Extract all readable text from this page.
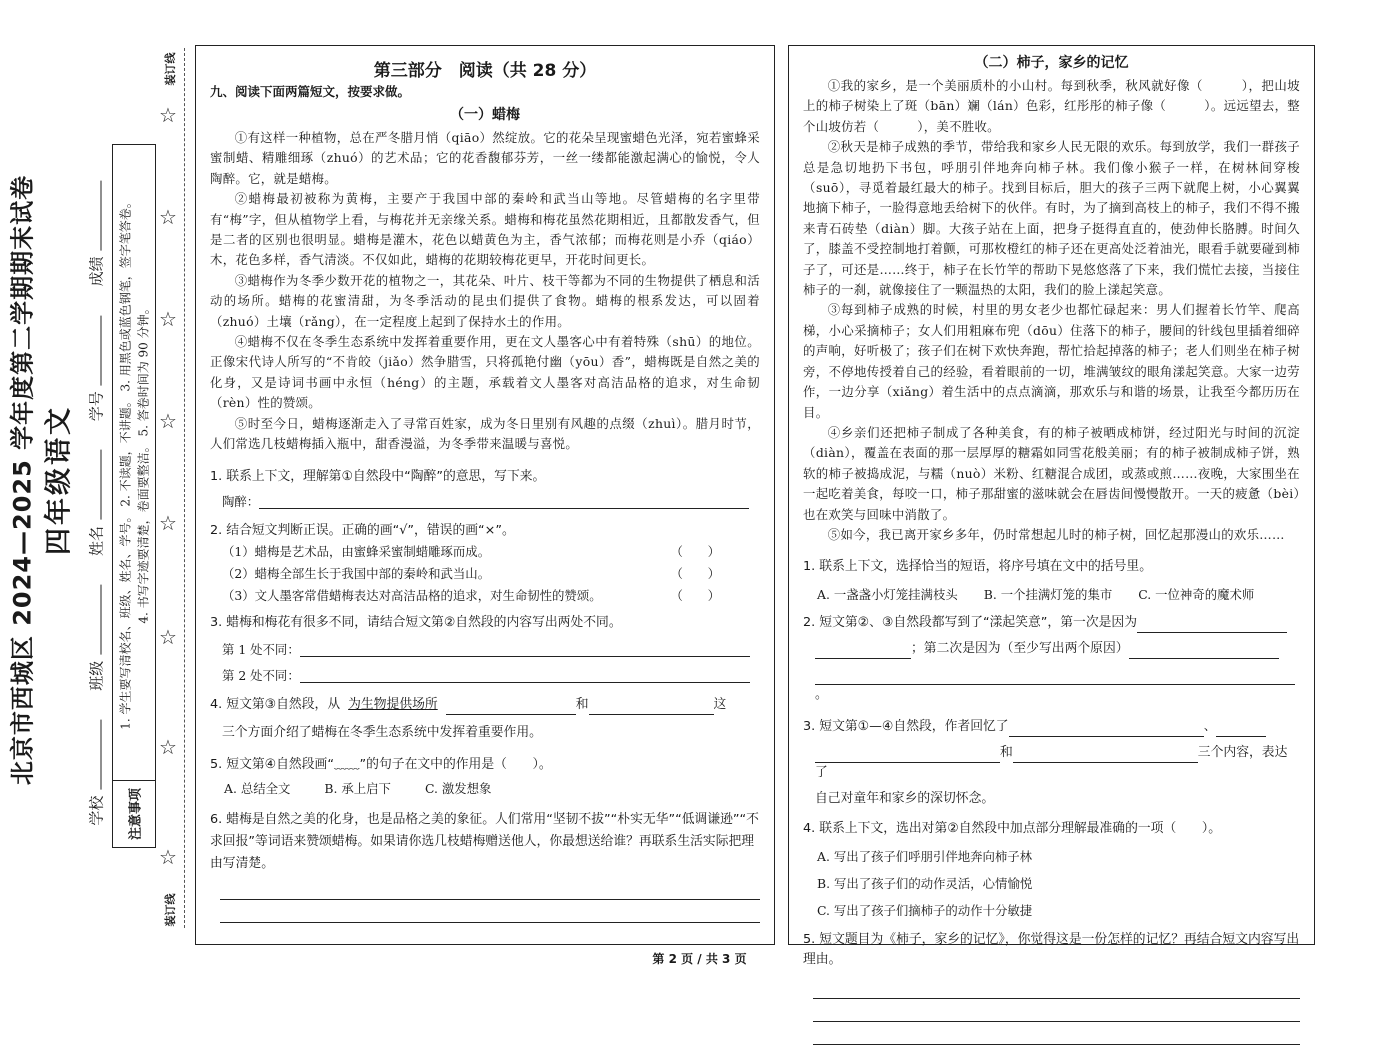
北京市西城区 2024—2025 学年度第二学期期末试卷 四年级语文
学校 班级 姓名 学号 成绩
注意事项
1. 学生要写清校名、班级、姓名、学号。 2. 不读题，不讲题。 3. 用黑色或蓝色钢笔，签字笔答卷。 4. 书写字迹要清楚，卷面要整洁。 5. 答卷时间为 90 分钟。
装订线
☆
☆
☆
☆
☆
☆
☆
☆
装订线
第三部分　阅读（共 28 分）
九、阅读下面两篇短文，按要求做。
（一）蜡梅

①有这样一种植物，总在严冬腊月悄（qiāo）然绽放。它的花朵呈现蜜蜡色光泽，宛若蜜蜂采蜜制蜡、精雕细琢（zhuó）的艺术品；它的花香馥郁芬芳，一丝一缕都能激起满心的愉悦，令人陶醉。它，就是蜡梅。

②蜡梅最初被称为黄梅，主要产于我国中部的秦岭和武当山等地。尽管蜡梅的名字里带有“梅”字，但从植物学上看，与梅花并无亲缘关系。蜡梅和梅花虽然花期相近，且都散发香气，但是二者的区别也很明显。蜡梅是灌木，花色以蜡黄色为主，香气浓郁；而梅花则是小乔（qiáo）木，花色多样，香气清淡。不仅如此，蜡梅的花期较梅花更早，开花时间更长。

③蜡梅作为冬季少数开花的植物之一，其花朵、叶片、枝干等都为不同的生物提供了栖息和活动的场所。蜡梅的花蜜清甜，为冬季活动的昆虫们提供了食物。蜡梅的根系发达，可以固着（zhuó）土壤（rǎng），在一定程度上起到了保持水土的作用。

④蜡梅不仅在冬季生态系统中发挥着重要作用，更在文人墨客心中有着特殊（shū）的地位。正像宋代诗人所写的“不肯皎（jiǎo）然争腊雪，只将孤艳付幽（yōu）香”，蜡梅既是自然之美的化身，又是诗词书画中永恒（héng）的主题，承载着文人墨客对高洁品格的追求，对生命韧（rèn）性的赞颂。

⑤时至今日，蜡梅逐渐走入了寻常百姓家，成为冬日里别有风趣的点缀（zhuì）。腊月时节，人们常选几枝蜡梅插入瓶中，甜香漫溢，为冬季带来温暖与喜悦。

1. 联系上下文，理解第①自然段中“陶醉”的意思，写下来。

陶醉：

2. 结合短文判断正误。正确的画“√”，错误的画“×”。

（1）蜡梅是艺术品，由蜜蜂采蜜制蜡雕琢而成。	（　　）
（2）蜡梅全部生长于我国中部的秦岭和武当山。	（　　）
（3）文人墨客常借蜡梅表达对高洁品格的追求，对生命韧性的赞颂。	（　　）

3. 蜡梅和梅花有很多不同，请结合短文第②自然段的内容写出两处不同。

第 1 处不同：
第 2 处不同：

4. 短文第③自然段，从 为生物提供场所	和	这

三个方面介绍了蜡梅在冬季生态系统中发挥着重要作用。

5. 短文第④自然段画“﹏﹏”的句子在文中的作用是（　　）。

A. 总结全文	B. 承上启下	C. 激发想象

6. 蜡梅是自然之美的化身，也是品格之美的象征。人们常用“坚韧不拔”“朴实无华”“低调谦逊”“不求回报”等词语来赞颂蜡梅。如果请你选几枝蜡梅赠送他人，你最想送给谁？再联系生活实际把理由写清楚。

（二）柿子，家乡的记忆

①我的家乡，是一个美丽质朴的小山村。每到秋季，秋风就好像（　　　），把山坡上的柿子树染上了斑（bān）斓（lán）色彩，红彤彤的柿子像（　　　）。远远望去，整个山坡仿若（　　　），美不胜收。

②秋天是柿子成熟的季节，带给我和家乡人民无限的欢乐。每到放学，我们一群孩子总是急切地扔下书包，呼朋引伴地奔向柿子林。我们像小猴子一样，在树林间穿梭（suō），寻觅着最红最大的柿子。找到目标后，胆大的孩子三两下就爬上树，小心翼翼地摘下柿子，一脸得意地丢给树下的伙伴。有时，为了摘到高枝上的柿子，我们不得不搬来青石砖垫（diàn）脚。大孩子站在上面，把身子挺得直直的，使劲伸长胳膊。时间久了，膝盖不受控制地打着颤，可那枚橙红的柿子还在更高处泛着油光，眼看手就要碰到柿子了，可还是……终于，柿子在长竹竿的帮助下晃悠悠落了下来，我们慌忙去接，当接住柿子的一刹，就像接住了一颗温热的太阳，我们的脸上漾起笑意。

③每到柿子成熟的时候，村里的男女老少也都忙碌起来：男人们握着长竹竿、爬高梯，小心采摘柿子；女人们用粗麻布兜（dōu）住落下的柿子，腰间的针线包里插着细碎的声响，好听极了；孩子们在树下欢快奔跑，帮忙拾起掉落的柿子；老人们则坐在柿子树旁，不停地传授着自己的经验，看着眼前的一切，堆满皱纹的眼角漾起笑意。大家一边劳作，一边分享（xiǎng）着生活中的点点滴滴，那欢乐与和谐的场景，让我至今都历历在目。

④乡亲们还把柿子制成了各种美食，有的柿子被晒成柿饼，经过阳光与时间的沉淀（diàn），覆盖在表面的那一层厚厚的糖霜如同雪花般美丽；有的柿子被制成柿子饼，熟软的柿子被捣成泥，与糯（nuò）米粉、红糖混合成团，或蒸或煎……夜晚，大家围坐在一起吃着美食，每咬一口，柿子那甜蜜的滋味就会在唇齿间慢慢散开。一天的疲惫（bèi）也在欢笑与回味中消散了。

⑤如今，我已离开家乡多年，仍时常想起儿时的柿子树，回忆起那漫山的欢乐……

1. 联系上下文，选择恰当的短语，将序号填在文中的括号里。

A. 一盏盏小灯笼挂满枝头 B. 一个挂满灯笼的集市 C. 一位神奇的魔术师

2. 短文第②、③自然段都写到了“漾起笑意”，第一次是因为

；第二次是因为（至少写出两个原因）

。

3. 短文第①—④自然段，作者回忆了	、

和	三个内容，表达了

自己对童年和家乡的深切怀念。

4. 联系上下文，选出对第②自然段中加点部分理解最准确的一项（　　）。

A. 写出了孩子们呼朋引伴地奔向柿子林
B. 写出了孩子们的动作灵活，心情愉悦
C. 写出了孩子们摘柿子的动作十分敏捷

5. 短文题目为《柿子，家乡的记忆》，你觉得这是一份怎样的记忆？再结合短文内容写出理由。

第 2 页 / 共 3 页
